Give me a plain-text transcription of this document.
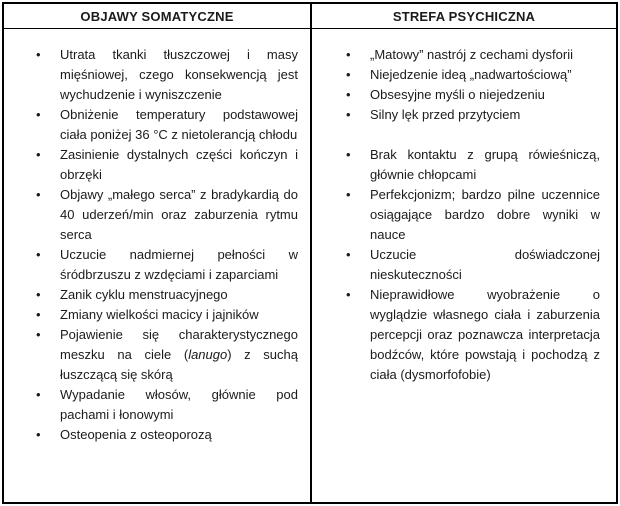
OBJAWY SOMATYCZNE	STREFA PSYCHICZNA
• Utrata tkanki tłuszczowej i masy mięśniowej, czego konsekwencją jest wychudzenie i wyniszczenie
• Obniżenie temperatury podstawowej ciała poniżej 36 °C z nietolerancją chłodu
• Zasinienie dystalnych części kończyn i obrzęki
• Objawy „małego serca” z bradykardią do 40 uderzeń/min oraz zaburzenia rytmu serca
• Uczucie nadmiernej pełności w śródbrzuszu z wzdęciami i zaparciami
• Zanik cyklu menstruacyjnego
• Zmiany wielkości macicy i jajników
• Pojawienie się charakterystycznego meszku na ciele (lanugo) z suchą łuszczącą się skórą
• Wypadanie włosów, głównie pod pachami i łonowymi
• Osteopenia z osteoporozą
• „Matowy” nastrój z cechami dysforii
• Niejedzenie ideą „nadwartościową”
• Obsesyjne myśli o niejedzeniu
• Silny lęk przed przytyciem
• Brak kontaktu z grupą rówieśniczą, głównie chłopcami
• Perfekcjonizm; bardzo pilne uczennice osiągające bardzo dobre wyniki w nauce
• Uczucie doświadczonej nieskuteczności
• Nieprawidłowe wyobrażenie o wyglądzie własnego ciała i zaburzenia percepcji oraz poznawcza interpretacja bodźców, które powstają i pochodzą z ciała (dysmorfofobie)
